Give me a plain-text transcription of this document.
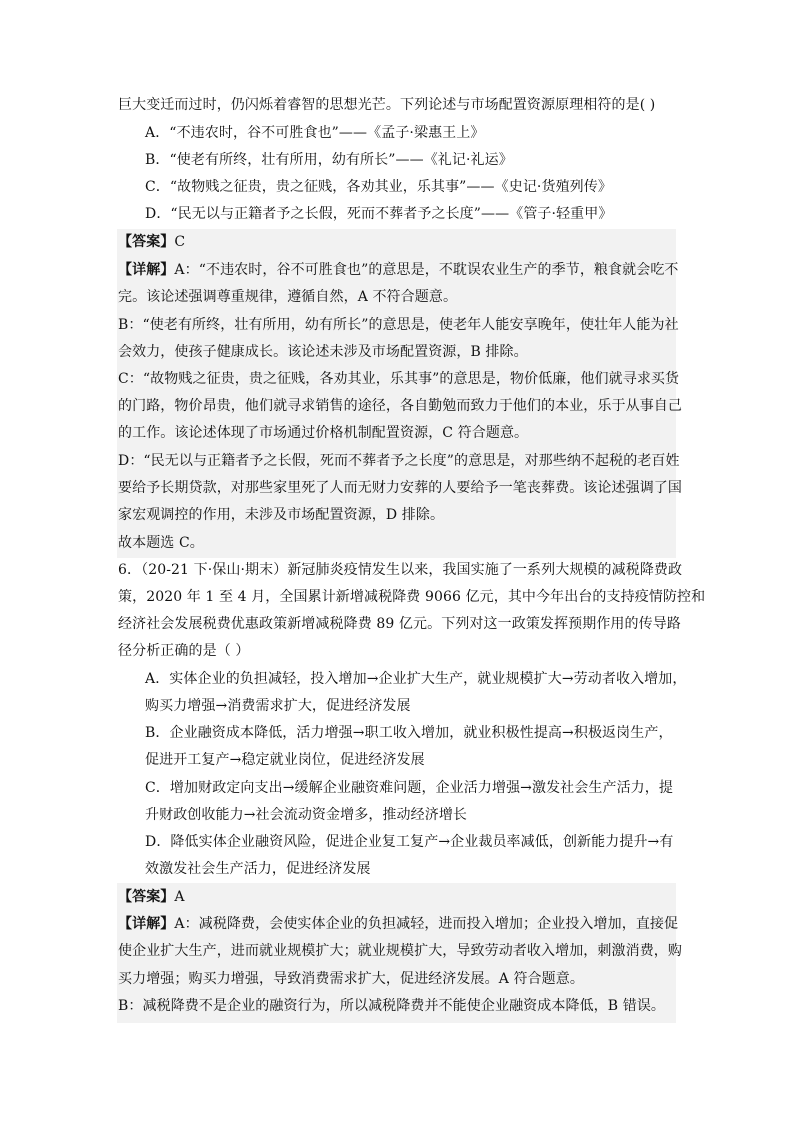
巨大变迁而过时，仍闪烁着睿智的思想光芒。下列论述与市场配置资源原理相符的是( )
A．“不违农时，谷不可胜食也”——《孟子·梁惠王上》
B．“使老有所终，壮有所用，幼有所长”——《礼记·礼运》
C．“故物贱之征贵，贵之征贱，各劝其业，乐其事”——《史记·货殖列传》
D．“民无以与正籍者予之长假，死而不葬者予之长度”——《管子·轻重甲》
【答案】C
【详解】A：“不违农时，谷不可胜食也”的意思是，不耽误农业生产的季节，粮食就会吃不
完。该论述强调尊重规律，遵循自然，A 不符合题意。
B：“使老有所终，壮有所用，幼有所长”的意思是，使老年人能安享晚年，使壮年人能为社
会效力，使孩子健康成长。该论述未涉及市场配置资源，B 排除。
C：“故物贱之征贵，贵之征贱，各劝其业，乐其事”的意思是，物价低廉，他们就寻求买货
的门路，物价昂贵，他们就寻求销售的途径，各自勤勉而致力于他们的本业，乐于从事自己
的工作。该论述体现了市场通过价格机制配置资源，C 符合题意。
D：“民无以与正籍者予之长假，死而不葬者予之长度”的意思是，对那些纳不起税的老百姓
要给予长期贷款，对那些家里死了人而无财力安葬的人要给予一笔丧葬费。该论述强调了国
家宏观调控的作用，未涉及市场配置资源，D 排除。
故本题选 C。
6．（20-21 下·保山·期末）新冠肺炎疫情发生以来，我国实施了一系列大规模的减税降费政
策，2020 年 1 至 4 月，全国累计新增减税降费 9066 亿元，其中今年出台的支持疫情防控和
经济社会发展税费优惠政策新增减税降费 89 亿元。下列对这一政策发挥预期作用的传导路
径分析正确的是（ ）
A．实体企业的负担减轻，投入增加→企业扩大生产，就业规模扩大→劳动者收入增加，
购买力增强→消费需求扩大，促进经济发展
B．企业融资成本降低，活力增强→职工收入增加，就业积极性提高→积极返岗生产，
促进开工复产→稳定就业岗位，促进经济发展
C．增加财政定向支出→缓解企业融资难问题，企业活力增强→激发社会生产活力，提
升财政创收能力→社会流动资金增多，推动经济增长
D．降低实体企业融资风险，促进企业复工复产→企业裁员率减低，创新能力提升→有
效激发社会生产活力，促进经济发展
【答案】A
【详解】A：减税降费，会使实体企业的负担减轻，进而投入增加；企业投入增加，直接促
使企业扩大生产，进而就业规模扩大；就业规模扩大，导致劳动者收入增加，刺激消费，购
买力增强；购买力增强，导致消费需求扩大，促进经济发展。A 符合题意。
B：减税降费不是企业的融资行为，所以减税降费并不能使企业融资成本降低，B 错误。
